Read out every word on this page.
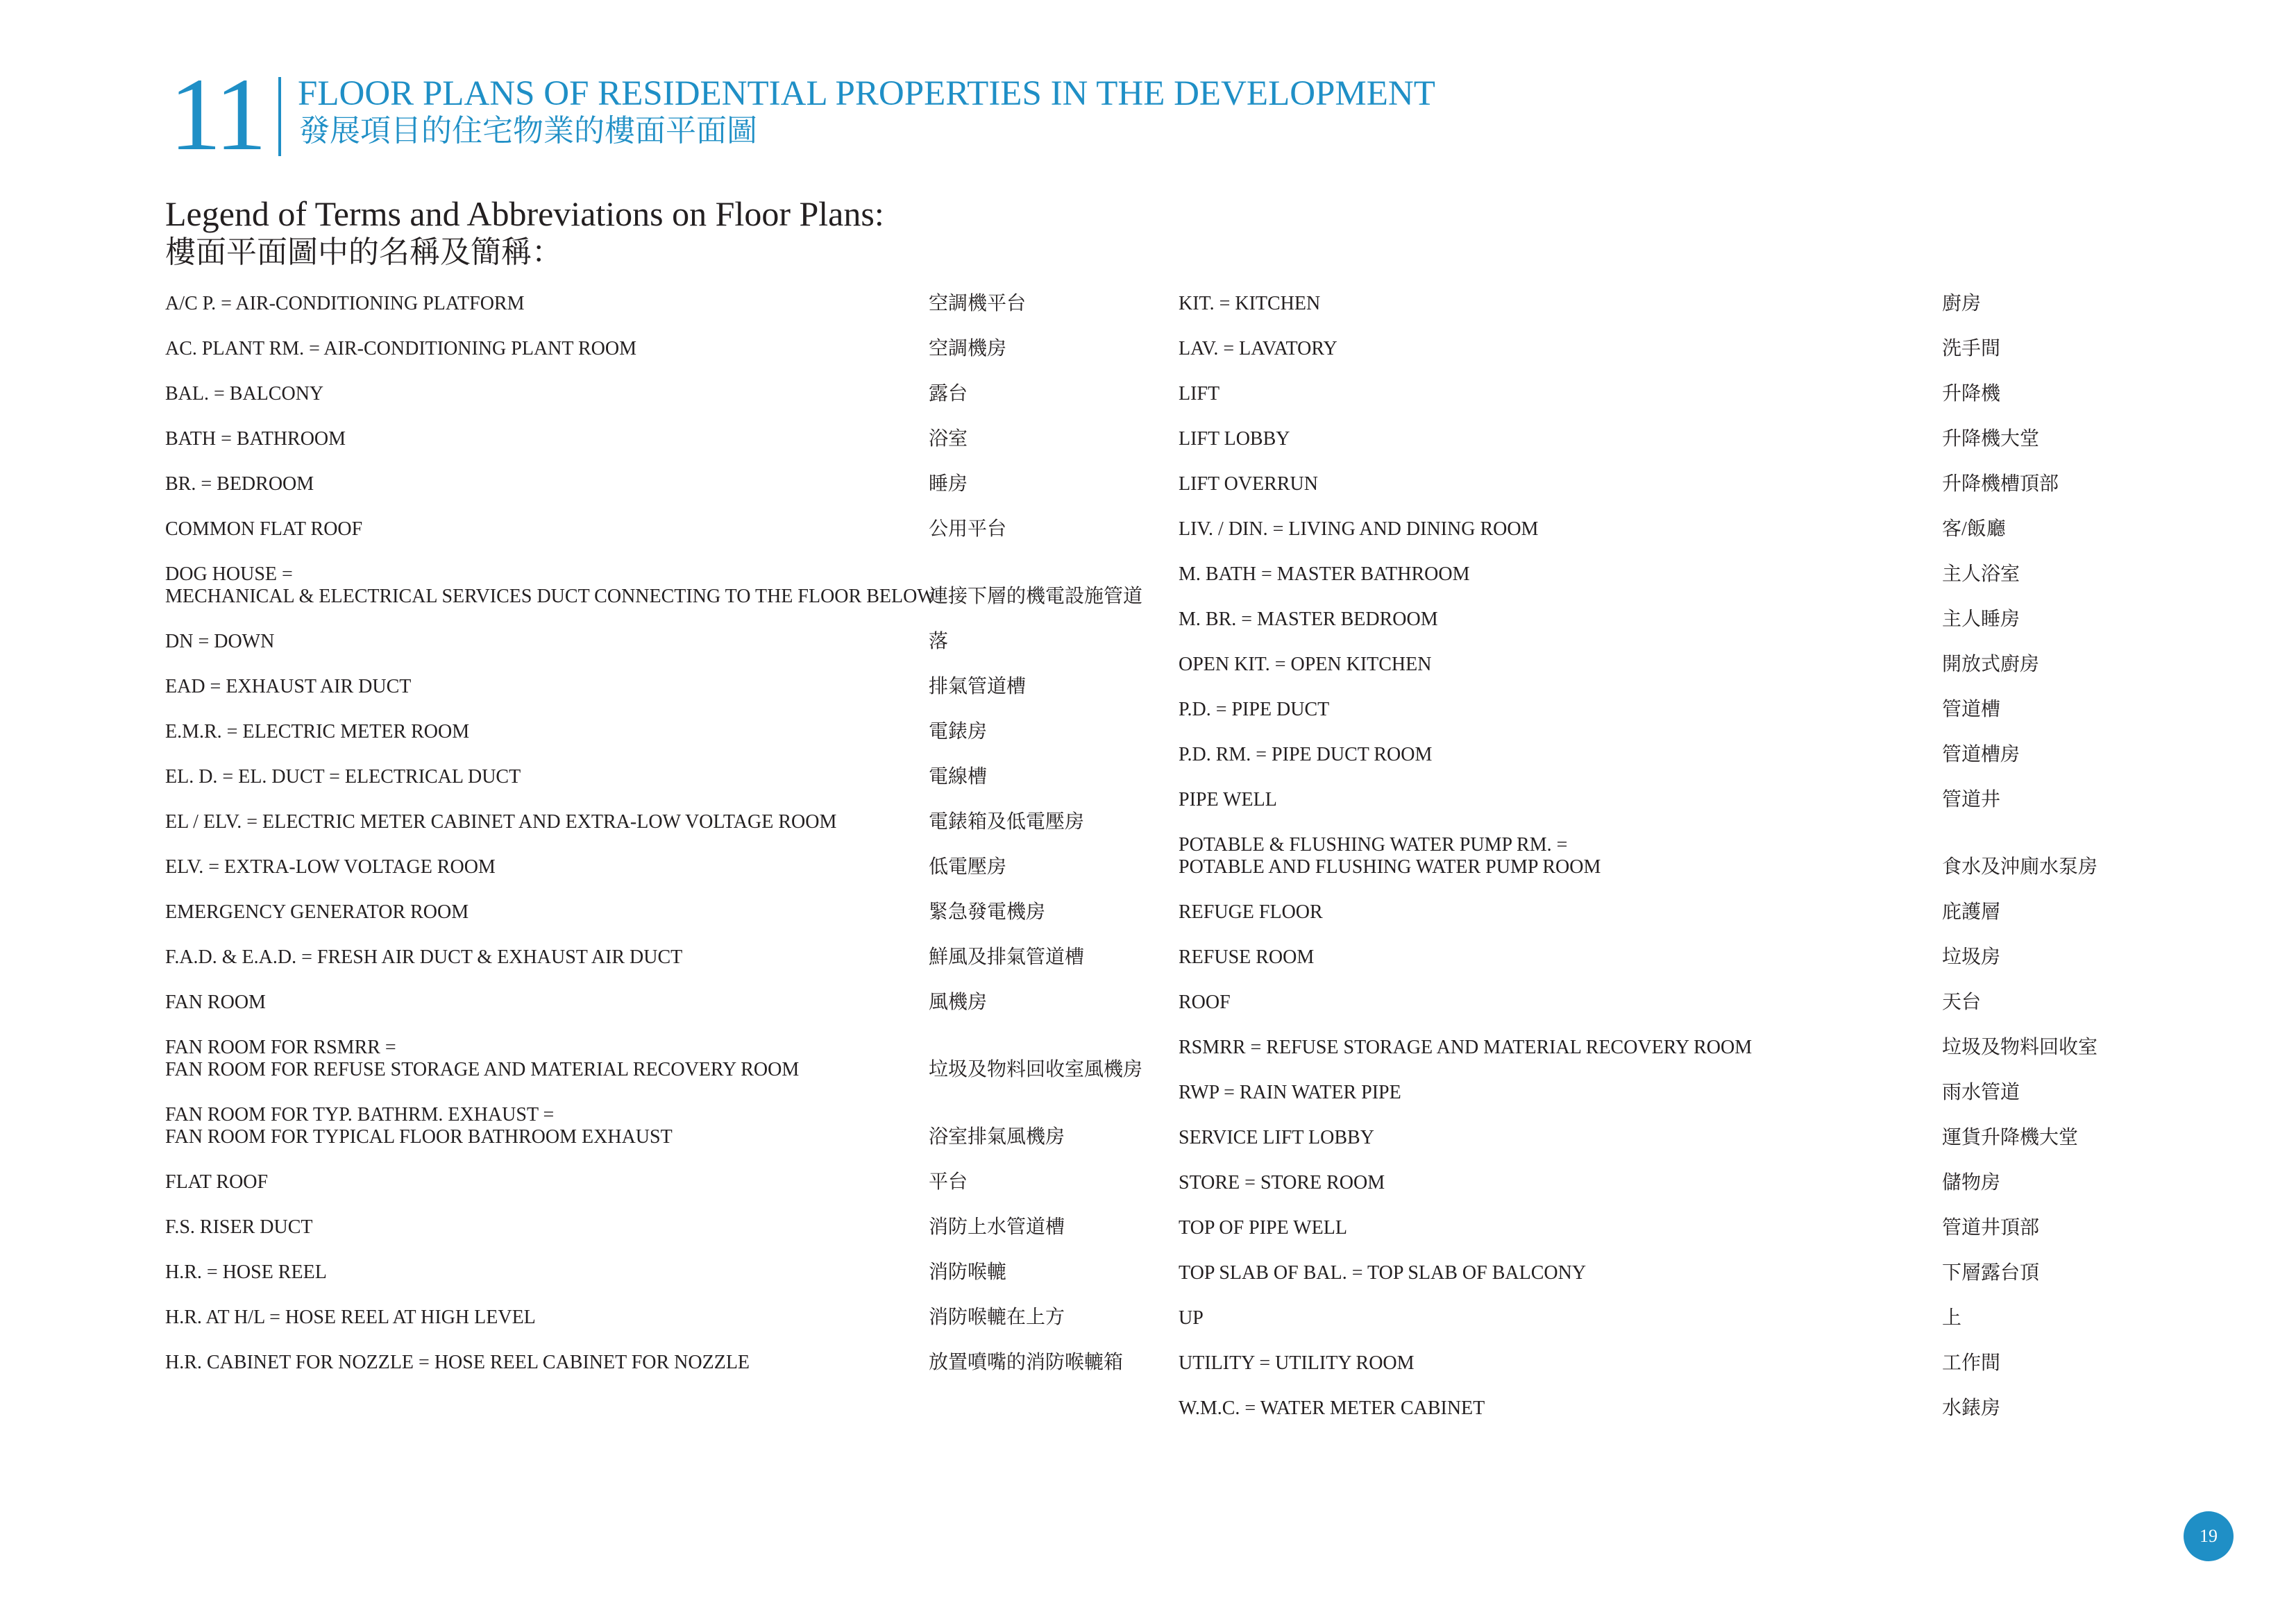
11 FLOOR PLANS OF RESIDENTIAL PROPERTIES IN THE DEVELOPMENT
發展項目的住宅物業的樓面平面圖
Legend of Terms and Abbreviations on Floor Plans:
樓面平面圖中的名稱及簡稱：
A/C P. = AIR-CONDITIONING PLATFORM	空調機平台
AC. PLANT RM. = AIR-CONDITIONING PLANT ROOM	空調機房
BAL. = BALCONY	露台
BATH = BATHROOM	浴室
BR. = BEDROOM	睡房
COMMON FLAT ROOF	公用平台
DOG HOUSE =
MECHANICAL & ELECTRICAL SERVICES DUCT CONNECTING TO THE FLOOR BELOW
連接下層的機電設施管道
DN = DOWN	落
EAD = EXHAUST AIR DUCT	排氣管道槽
E.M.R. = ELECTRIC METER ROOM	電錶房
EL. D. = EL. DUCT = ELECTRICAL DUCT	電線槽
EL / ELV. = ELECTRIC METER CABINET AND EXTRA-LOW VOLTAGE ROOM	電錶箱及低電壓房
ELV. = EXTRA-LOW VOLTAGE ROOM	低電壓房
EMERGENCY GENERATOR ROOM	緊急發電機房
F.A.D. & E.A.D. = FRESH AIR DUCT & EXHAUST AIR DUCT	鮮風及排氣管道槽
FAN ROOM	風機房
FAN ROOM FOR RSMRR =
FAN ROOM FOR REFUSE STORAGE AND MATERIAL RECOVERY ROOM	垃圾及物料回收室風機房
FAN ROOM FOR TYP. BATHRM. EXHAUST =
FAN ROOM FOR TYPICAL FLOOR BATHROOM EXHAUST	浴室排氣風機房
FLAT ROOF	平台
F.S. RISER DUCT	消防上水管道槽
H.R. = HOSE REEL	消防喉轆
H.R. AT H/L = HOSE REEL AT HIGH LEVEL	消防喉轆在上方
H.R. CABINET FOR NOZZLE = HOSE REEL CABINET FOR NOZZLE	放置噴嘴的消防喉轆箱
KIT. = KITCHEN	廚房
LAV. = LAVATORY	洗手間
LIFT	升降機
LIFT LOBBY	升降機大堂
LIFT OVERRUN	升降機槽頂部
LIV. / DIN. = LIVING AND DINING ROOM	客/飯廳
M. BATH = MASTER BATHROOM	主人浴室
M. BR. = MASTER BEDROOM	主人睡房
OPEN KIT. = OPEN KITCHEN	開放式廚房
P.D. = PIPE DUCT	管道槽
P.D. RM. = PIPE DUCT ROOM	管道槽房
PIPE WELL	管道井
POTABLE & FLUSHING WATER PUMP RM. =
POTABLE AND FLUSHING WATER PUMP ROOM	食水及沖廁水泵房
REFUGE FLOOR	庇護層
REFUSE ROOM	垃圾房
ROOF	天台
RSMRR = REFUSE STORAGE AND MATERIAL RECOVERY ROOM	垃圾及物料回收室
RWP = RAIN WATER PIPE	雨水管道
SERVICE LIFT LOBBY	運貨升降機大堂
STORE = STORE ROOM	儲物房
TOP OF PIPE WELL	管道井頂部
TOP SLAB OF BAL. = TOP SLAB OF BALCONY	下層露台頂
UP	上
UTILITY = UTILITY ROOM	工作間
W.M.C. = WATER METER CABINET	水錶房
19
